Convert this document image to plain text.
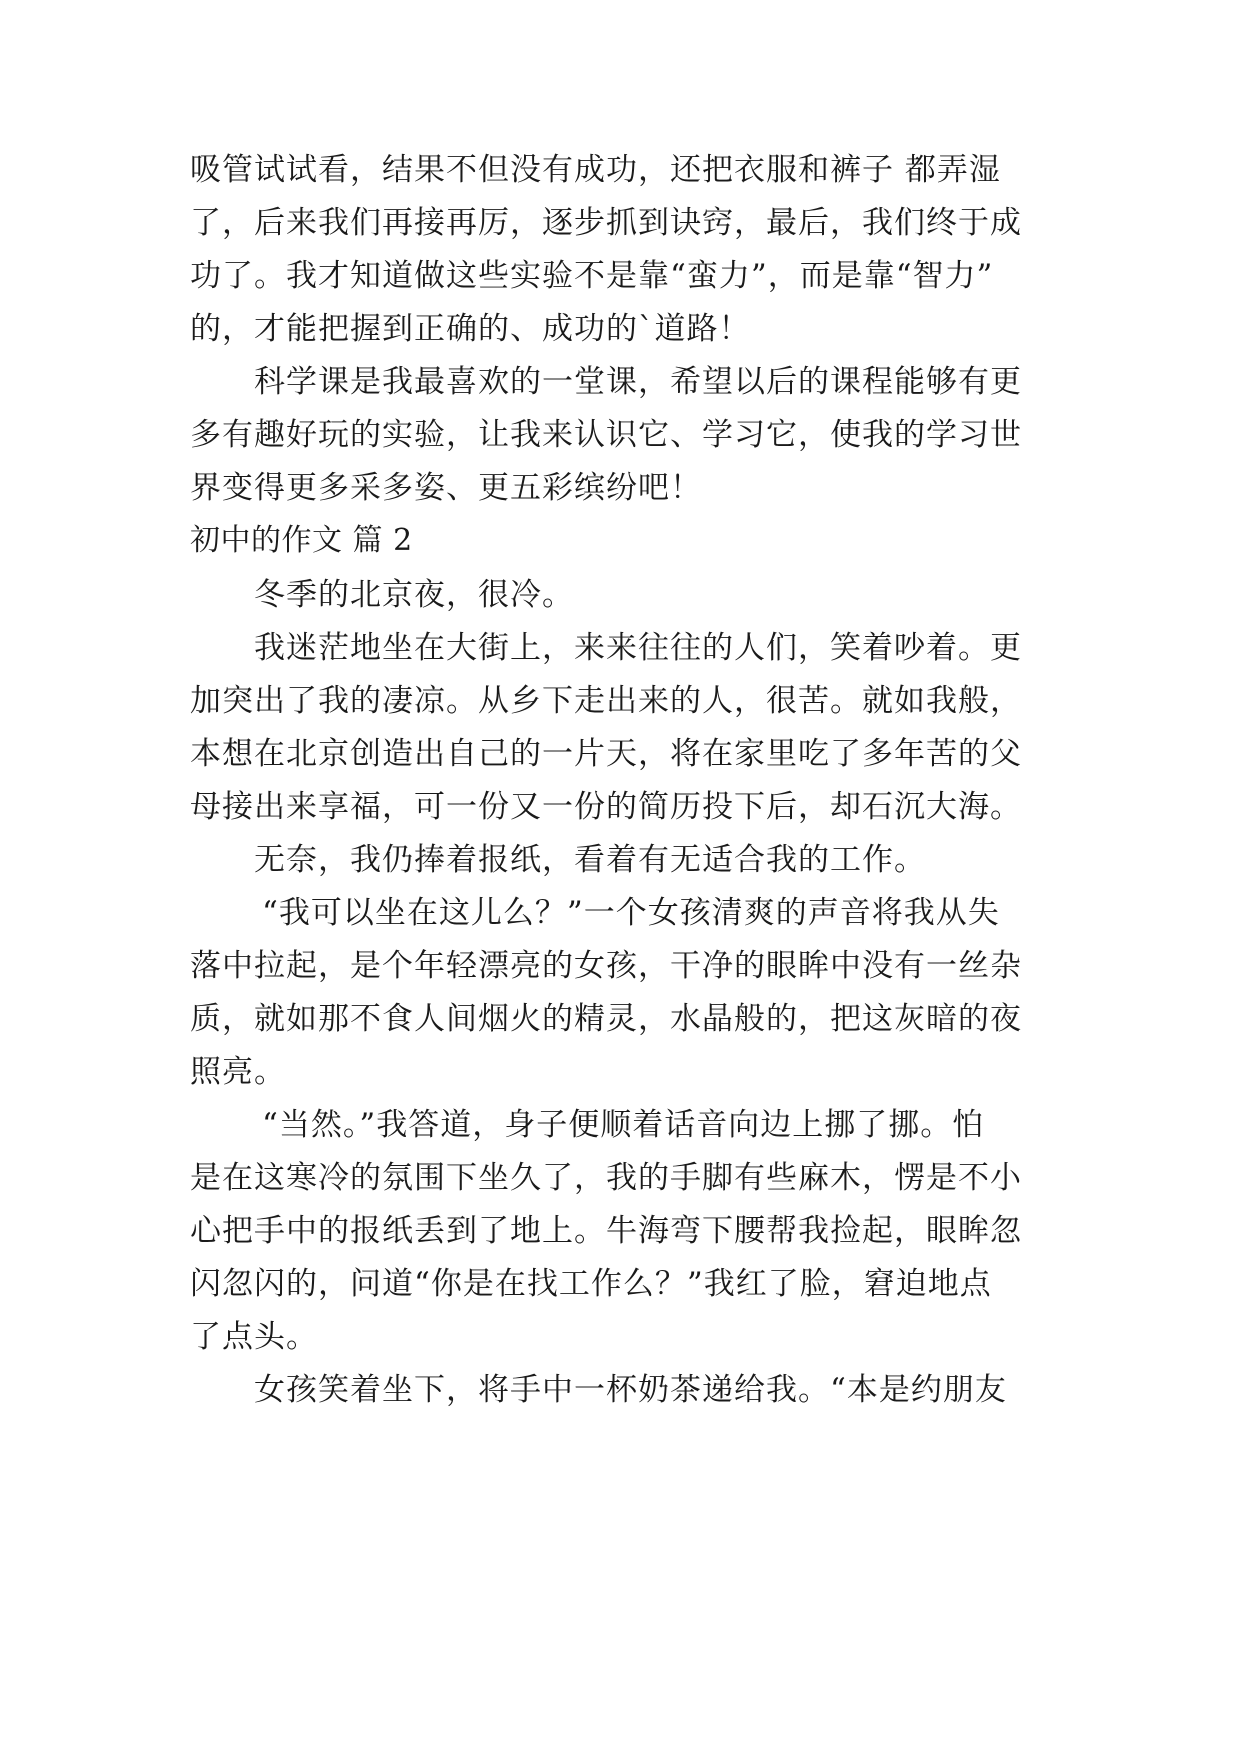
吸管试试看，结果不但没有成功，还把衣服和裤子 都弄湿
了，后来我们再接再厉，逐步抓到诀窍，最后，我们终于成
功了。我才知道做这些实验不是靠“蛮力”，而是靠“智力”
的，才能把握到正确的、成功的`道路！
科学课是我最喜欢的一堂课，希望以后的课程能够有更
多有趣好玩的实验，让我来认识它、学习它，使我的学习世
界变得更多采多姿、更五彩缤纷吧！
初中的作文 篇 2
冬季的北京夜，很冷。
我迷茫地坐在大街上，来来往往的人们，笑着吵着。更
加突出了我的凄凉。从乡下走出来的人，很苦。就如我般，
本想在北京创造出自己的一片天，将在家里吃了多年苦的父
母接出来享福，可一份又一份的简历投下后，却石沉大海。
无奈，我仍捧着报纸，看着有无适合我的工作。
“我可以坐在这儿么？”一个女孩清爽的声音将我从失
落中拉起，是个年轻漂亮的女孩，干净的眼眸中没有一丝杂
质，就如那不食人间烟火的精灵，水晶般的，把这灰暗的夜
照亮。
“当然。”我答道，身子便顺着话音向边上挪了挪。怕
是在这寒冷的氛围下坐久了，我的手脚有些麻木，愣是不小
心把手中的报纸丢到了地上。牛海弯下腰帮我捡起，眼眸忽
闪忽闪的，问道“你是在找工作么？”我红了脸，窘迫地点
了点头。
女孩笑着坐下，将手中一杯奶茶递给我。“本是约朋友
